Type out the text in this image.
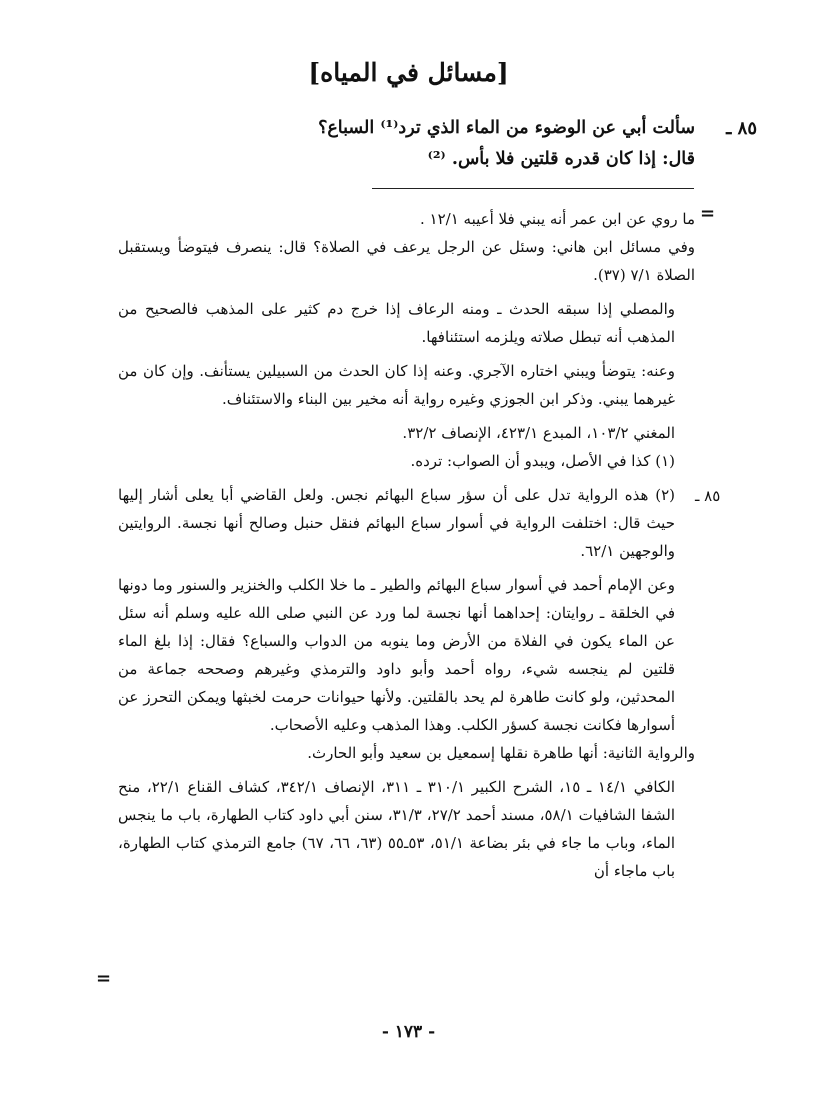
[مسائل في المياه]
٨٥ ـ
سألت أبي عن الوضوء من الماء الذي ترد⁽¹⁾ السباع؟
قال: إذا كان قدره قلتين فلا بأس. ⁽²⁾
=

ما روي عن ابن عمر أنه يبني فلا أعيبه ١٢/١ .

وفي مسائل ابن هاني: وسئل عن الرجل يرعف في الصلاة؟ قال: ينصرف فيتوضأ ويستقبل الصلاة ٧/١ (٣٧).

والمصلي إذا سبقه الحدث ـ ومنه الرعاف إذا خرج دم كثير على المذهب فالصحيح من المذهب أنه تبطل صلاته ويلزمه استئنافها.

وعنه: يتوضأ ويبني اختاره الآجري. وعنه إذا كان الحدث من السبيلين يستأنف. وإن كان من غيرهما يبني. وذكر ابن الجوزي وغيره رواية أنه مخير بين البناء والاستئناف.

المغني ١٠٣/٢، المبدع ٤٢٣/١، الإنصاف ٣٢/٢.

(١) كذا في الأصل، ويبدو أن الصواب: ترده.

(٢) هذه الرواية تدل على أن سؤر سباع البهائم نجس. ولعل القاضي أبا يعلى أشار إليها حيث قال: اختلفت الرواية في أسوار سباع البهائم فنقل حنبل وصالح أنها نجسة. الروايتين والوجهين ٦٢/١.

وعن الإمام أحمد في أسوار سباع البهائم والطير ـ ما خلا الكلب والخنزير والسنور وما دونها في الخلقة ـ روايتان: إحداهما أنها نجسة لما ورد عن النبي صلى الله عليه وسلم أنه سئل عن الماء يكون في الفلاة من الأرض وما ينوبه من الدواب والسباع؟ فقال: إذا بلغ الماء قلتين لم ينجسه شيء، رواه أحمد وأبو داود والترمذي وغيرهم وصححه جماعة من المحدثين، ولو كانت طاهرة لم يحد بالقلتين. ولأنها حيوانات حرمت لخبثها ويمكن التحرز عن أسوارها فكانت نجسة كسؤر الكلب. وهذا المذهب وعليه الأصحاب.

والرواية الثانية: أنها طاهرة نقلها إسمعيل بن سعيد وأبو الحارث.

الكافي ١٤/١ ـ ١٥، الشرح الكبير ٣١٠/١ ـ ٣١١، الإنصاف ٣٤٢/١، كشاف القناع ٢٢/١، منح الشفا الشافيات ٥٨/١، مسند أحمد ٢٧/٢، ٣١/٣، سنن أبي داود كتاب الطهارة، باب ما ينجس الماء، وباب ما جاء في بئر بضاعة ٥١/١، ٥٣ـ٥٥ (٦٣، ٦٦، ٦٧) جامع الترمذي كتاب الطهارة، باب ماجاء أن

٨٥ ـ
=
- ١٧٣ -
